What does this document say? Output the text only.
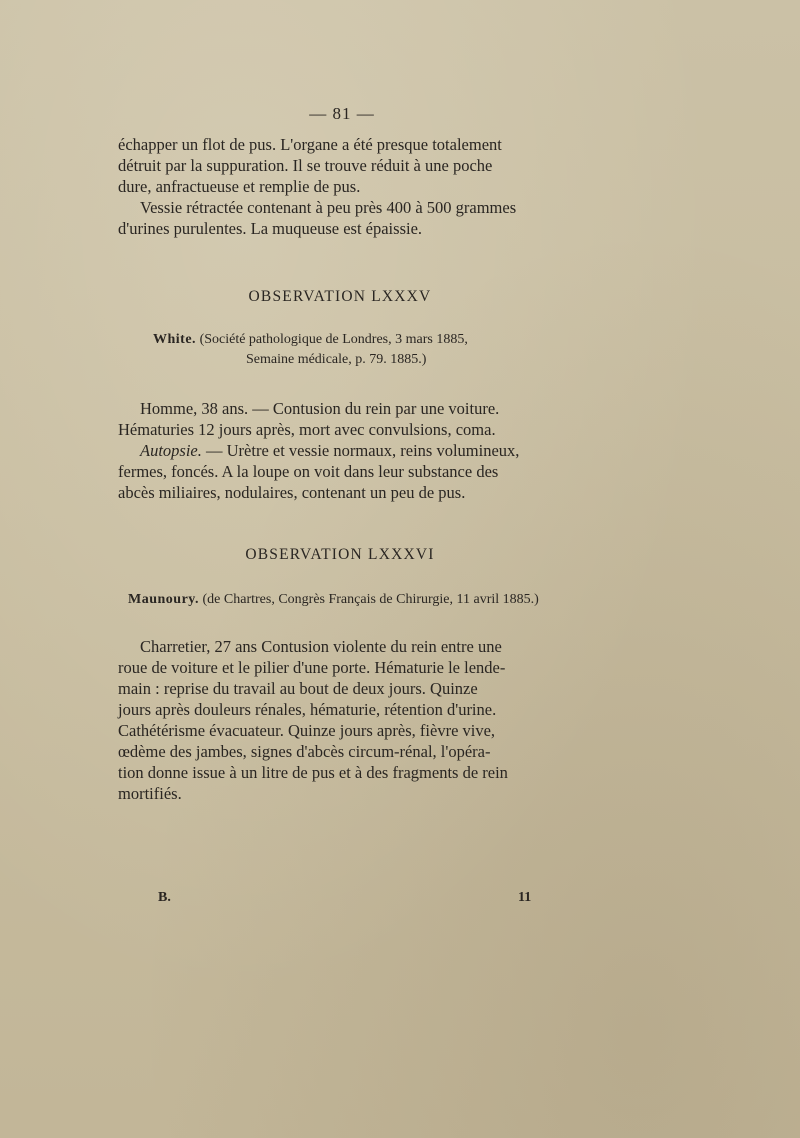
— 81 —

échapper un flot de pus. L'organe a été presque totalement

détruit par la suppuration. Il se trouve réduit à une poche

dure, anfractueuse et remplie de pus.

Vessie rétractée contenant à peu près 400 à 500 grammes

d'urines purulentes. La muqueuse est épaissie.

OBSERVATION LXXXV
White. (Société pathologique de Londres, 3 mars 1885,
Semaine médicale, p. 79. 1885.)

Homme, 38 ans. — Contusion du rein par une voiture.

Hématuries 12 jours après, mort avec convulsions, coma.

Autopsie. — Urètre et vessie normaux, reins volumineux,

fermes, foncés. A la loupe on voit dans leur substance des

abcès miliaires, nodulaires, contenant un peu de pus.

OBSERVATION LXXXVI
Maunoury. (de Chartres, Congrès Français de Chirurgie, 11 avril 1885.)

Charretier, 27 ans Contusion violente du rein entre une

roue de voiture et le pilier d'une porte. Hématurie le lende-

main : reprise du travail au bout de deux jours. Quinze

jours après douleurs rénales, hématurie, rétention d'urine.

Cathétérisme évacuateur. Quinze jours après, fièvre vive,

œdème des jambes, signes d'abcès circum-rénal, l'opéra-

tion donne issue à un litre de pus et à des fragments de rein

mortifiés.

B.	11
